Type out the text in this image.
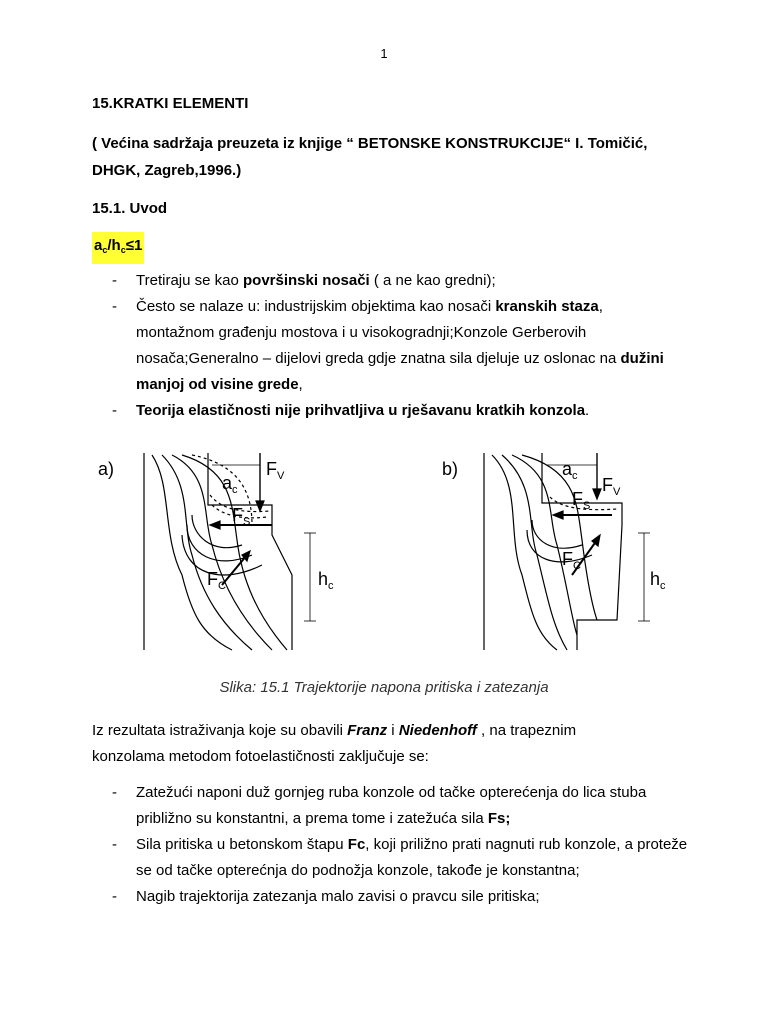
1
15.KRATKI ELEMENTI
( Većina sadržaja preuzeta iz knjige “ BETONSKE KONSTRUKCIJE“ I. Tomičić, DHGK, Zagreb,1996.)
15.1. Uvod
$a_c/h_c\le 1$
- Tretiraju se kao površinski nosači ( a ne kao gredni);
- Često se nalaze u: industrijskim objektima kao nosači kranskih staza, montažnom građenju mostova i u visokogradnji;Konzole Gerberovih nosača;Generalno – dijelovi greda gdje znatna sila djeluje uz oslonac na dužini manjoj od visine grede,
- Teorija elastičnosti nije prihvatljiva u rješavanu kratkih konzola.
a)
$a_c$
$F_V$
$F_S$
$F_C$	$h_c$
b)	$a_c$ $F_V$
$F_S$
$F_C$
$h_c$
Slika: 15.1 Trajektorije napona pritiska i zatezanja
Iz rezultata istraživanja koje su obavili Franz i Niedenhoff , na trapeznim konzolama metodom fotoelastičnosti zaključuje se:
- Zatežući naponi duž gornjeg ruba konzole od tačke opterećenja do lica stuba približno su konstantni, a prema tome i zatežuća sila Fs;
- Sila pritiska u betonskom štapu Fc, koji priližno prati nagnuti rub konzole, a proteže se od tačke opterećnja do podnožja konzole, takođe je konstantna;
- Nagib trajektorija zatezanja malo zavisi o pravcu sile pritiska;
